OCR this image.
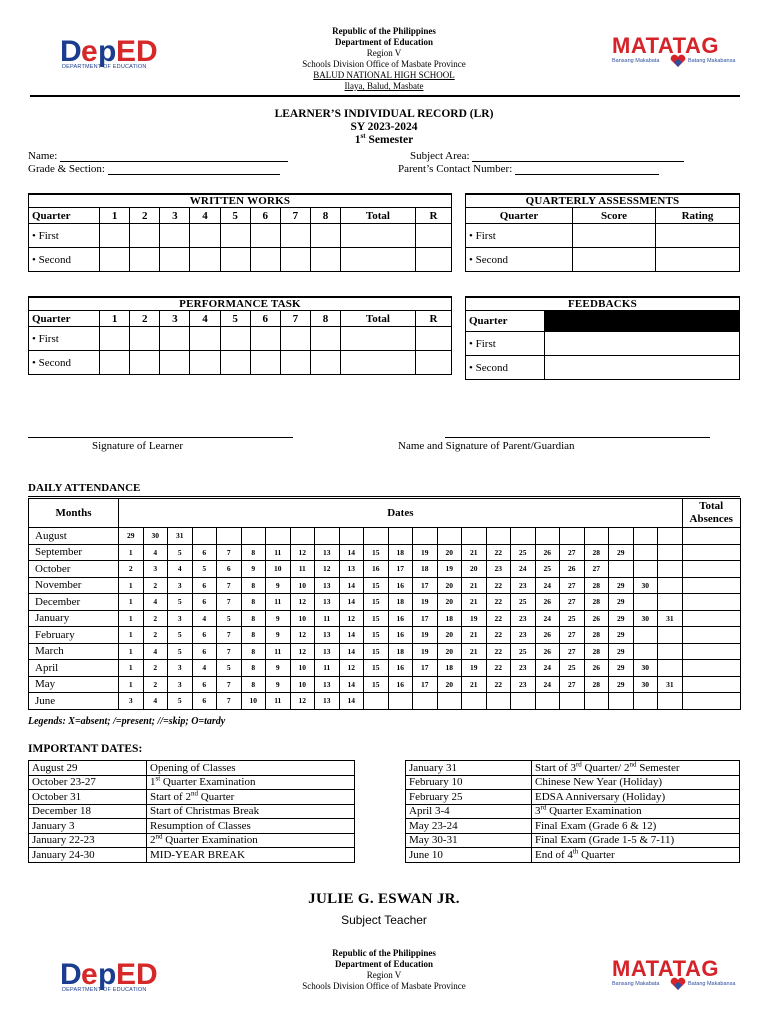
D e p ED
DEPARTMENT OF EDUCATION
Republic of the Philippines
Department of Education
Region V
Schools Division Office of Masbate Province
BALUD NATIONAL HIGH SCHOOL
Ilaya, Balud, Masbate
MATATAG
Bansang Makabata	Batang Makabansa
LEARNER’S INDIVIDUAL RECORD (LR)
SY 2023-2024
1st Semester
Name:
Grade & Section:
Subject Area:
Parent’s Contact Number:
WRITTEN WORKS										
Quarter	1	2	3	4	5	6	7	8	Total	R
• First										
• Second										
QUARTERLY ASSESSMENTS		
Quarter	Score	Rating
• First		
• Second		
PERFORMANCE TASK										
Quarter	1	2	3	4	5	6	7	8	Total	R
• First										
• Second										
FEEDBACKS	
Quarter	
• First	
• Second	
Signature of Learner	Name and Signature of Parent/Guardian
DAILY ATTENDANCE
Months	Dates																							Total
Absences

August	29	30	31																					
September	1	4	5	6	7	8	11	12	13	14	15	18	19	20	21	22	25	26	27	28	29			
October	2	3	4	5	6	9	10	11	12	13	16	17	18	19	20	23	24	25	26	27				
November	1	2	3	6	7	8	9	10	13	14	15	16	17	20	21	22	23	24	27	28	29	30		
December	1	4	5	6	7	8	11	12	13	14	15	18	19	20	21	22	25	26	27	28	29			
January	1	2	3	4	5	8	9	10	11	12	15	16	17	18	19	22	23	24	25	26	29	30	31	
February	1	2	5	6	7	8	9	12	13	14	15	16	19	20	21	22	23	26	27	28	29			
March	1	4	5	6	7	8	11	12	13	14	15	18	19	20	21	22	25	26	27	28	29			
April	1	2	3	4	5	8	9	10	11	12	15	16	17	18	19	22	23	24	25	26	29	30		
May	1	2	3	6	7	8	9	10	13	14	15	16	17	20	21	22	23	24	27	28	29	30	31	
June	3	4	5	6	7	10	11	12	13	14														
Legends: X=absent; /=present; //=skip; O=tardy
IMPORTANT DATES:
August 29	Opening of Classes
October 23-27	1st Quarter Examination
October 31	Start of 2nd Quarter
December 18	Start of Christmas Break
January 3	Resumption of Classes
January 22-23	2nd Quarter Examination
January 24-30	MID-YEAR BREAK
January 31	Start of 3rd Quarter/ 2nd Semester
February 10	Chinese New Year (Holiday)
February 25	EDSA Anniversary (Holiday)
April 3-4	3rd Quarter Examination
May 23-24	Final Exam (Grade 6 & 12)
May 30-31	Final Exam (Grade 1-5 & 7-11)
June 10	End of 4th Quarter
JULIE G. ESWAN JR.
Subject Teacher
D e p ED
DEPARTMENT OF EDUCATION
Republic of the Philippines
Department of Education
Region V
Schools Division Office of Masbate Province
MATATAG
Bansang Makabata	Batang Makabansa
